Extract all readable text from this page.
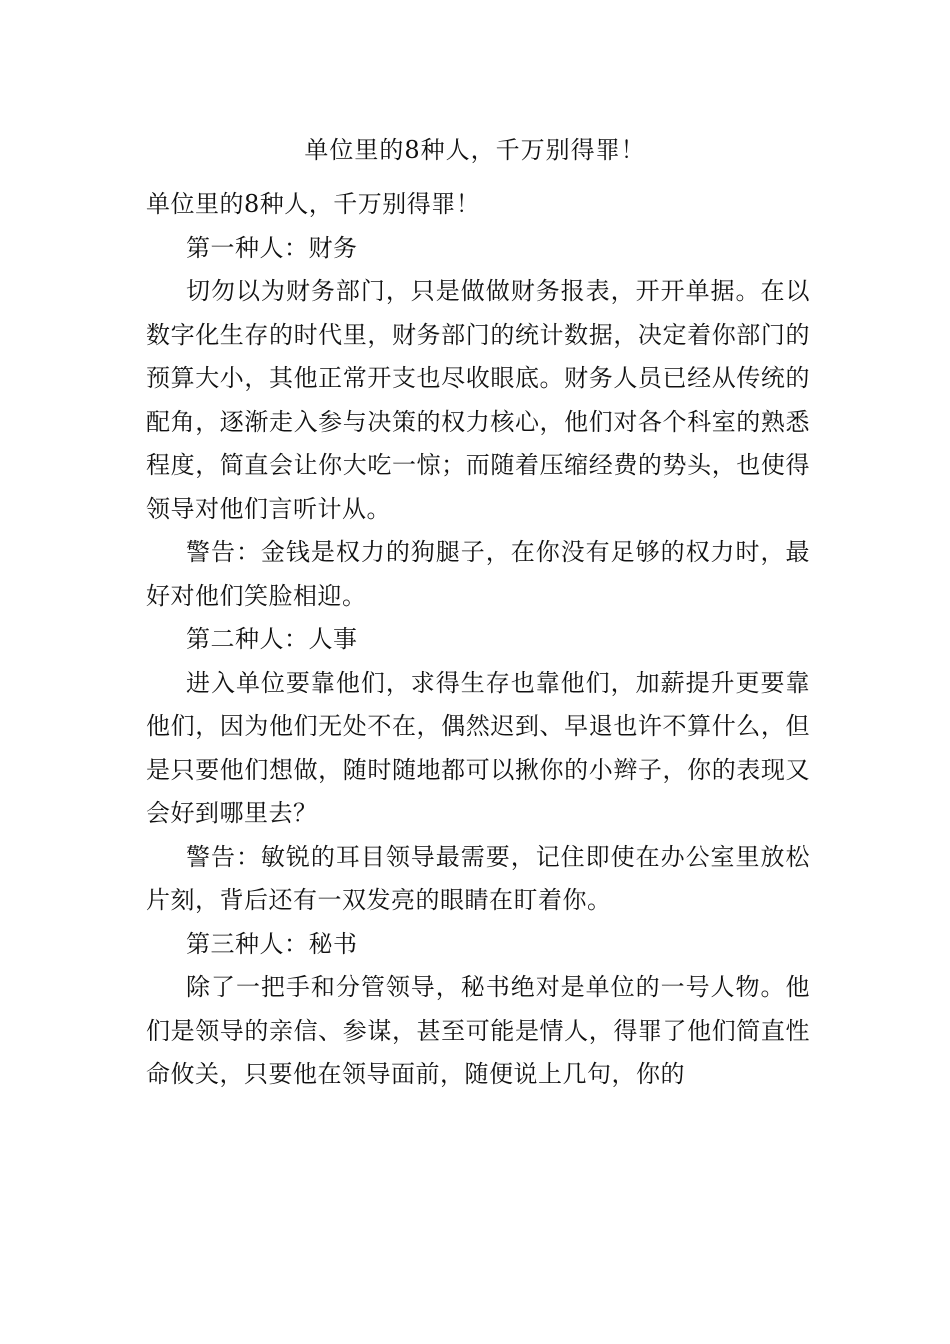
单位里的8种人，千万别得罪！

单位里的8种人，千万别得罪！

第一种人：财务

切勿以为财务部门，只是做做财务报表，开开单据。在以数字化生存的时代里，财务部门的统计数据，决定着你部门的预算大小，其他正常开支也尽收眼底。财务人员已经从传统的配角，逐渐走入参与决策的权力核心，他们对各个科室的熟悉程度，简直会让你大吃一惊；而随着压缩经费的势头，也使得领导对他们言听计从。

警告：金钱是权力的狗腿子，在你没有足够的权力时，最好对他们笑脸相迎。

第二种人：人事

进入单位要靠他们，求得生存也靠他们，加薪提升更要靠他们，因为他们无处不在，偶然迟到、早退也许不算什么，但是只要他们想做，随时随地都可以揪你的小辫子，你的表现又会好到哪里去？

警告：敏锐的耳目领导最需要，记住即使在办公室里放松片刻，背后还有一双发亮的眼睛在盯着你。

第三种人：秘书

除了一把手和分管领导，秘书绝对是单位的一号人物。他们是领导的亲信、参谋，甚至可能是情人，得罪了他们简直性命攸关，只要他在领导面前，随便说上几句，你的
